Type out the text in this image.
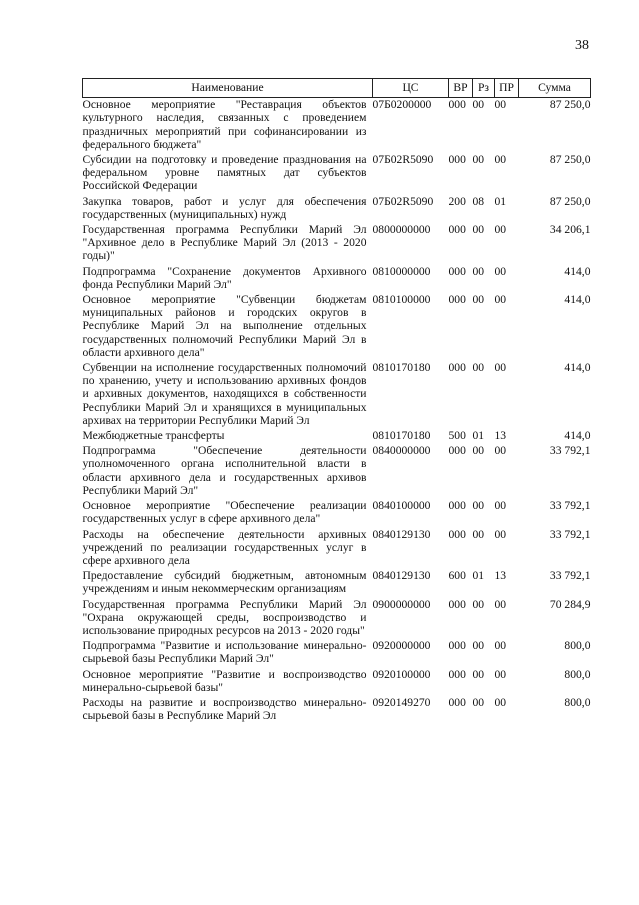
38
Наименование	ЦС	ВР	Рз	ПР	Сумма
Основное мероприятие "Реставрация объектов культурного наследия, связанных с проведением праздничных мероприятий при софинансировании из федерального бюджета"	07Б0200000	000	00	00	87 250,0
Субсидии на подготовку и проведение празднования на федеральном уровне памятных дат субъектов Российской Федерации	07Б02R5090	000	00	00	87 250,0
Закупка товаров, работ и услуг для обеспечения государственных (муниципальных) нужд	07Б02R5090	200	08	01	87 250,0
Государственная программа Республики Марий Эл "Архивное дело в Республике Марий Эл (2013 - 2020 годы)"	0800000000	000	00	00	34 206,1
Подпрограмма "Сохранение документов Архивного фонда Республики Марий Эл"	0810000000	000	00	00	414,0
Основное мероприятие "Субвенции бюджетам муниципальных районов и городских округов в Республике Марий Эл на выполнение отдельных государственных полномочий Республики Марий Эл в области архивного дела"	0810100000	000	00	00	414,0
Субвенции на исполнение государственных полномочий по хранению, учету и использованию архивных фондов и архивных документов, находящихся в собственности Республики Марий Эл и хранящихся в муниципальных архивах на территории Республики Марий Эл	0810170180	000	00	00	414,0
Межбюджетные трансферты	0810170180	500	01	13	414,0
Подпрограмма "Обеспечение деятельности уполномоченного органа исполнительной власти в области архивного дела и государственных архивов Республики Марий Эл"	0840000000	000	00	00	33 792,1
Основное мероприятие "Обеспечение реализации государственных услуг в сфере архивного дела"	0840100000	000	00	00	33 792,1
Расходы на обеспечение деятельности архивных учреждений по реализации государственных услуг в сфере архивного дела	0840129130	000	00	00	33 792,1
Предоставление субсидий бюджетным, автономным учреждениям и иным некоммерческим организациям	0840129130	600	01	13	33 792,1
Государственная программа Республики Марий Эл "Охрана окружающей среды, воспроизводство и использование природных ресурсов на 2013 - 2020 годы"	0900000000	000	00	00	70 284,9
Подпрограмма "Развитие и использование минерально-сырьевой базы Республики Марий Эл"	0920000000	000	00	00	800,0
Основное мероприятие "Развитие и воспроизводство минерально-сырьевой базы"	0920100000	000	00	00	800,0
Расходы на развитие и воспроизводство минерально-сырьевой базы в Республике Марий Эл	0920149270	000	00	00	800,0
